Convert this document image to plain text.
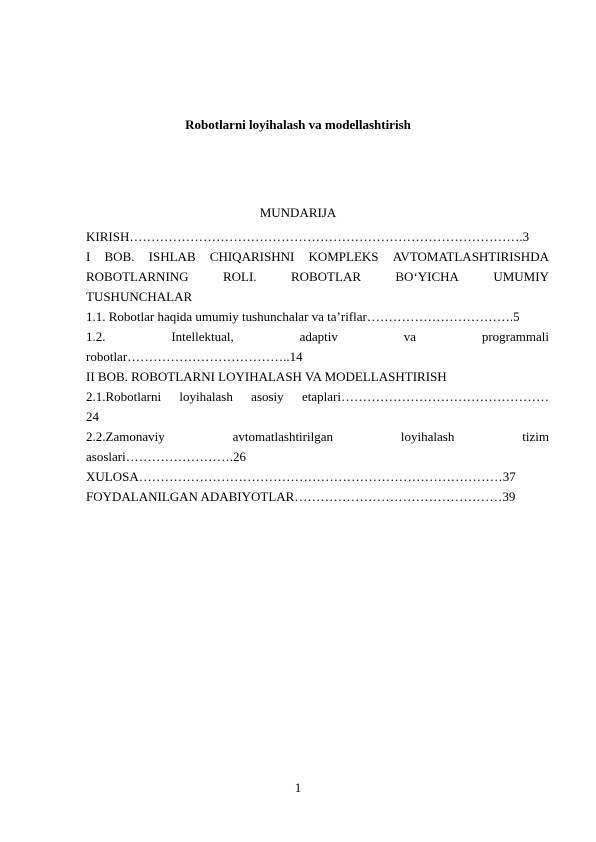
Robotlarni loyihalash va modellashtirish
MUNDARIJA
KIRISH……………………………………………………………………………….3
I BOB. ISHLAB CHIQARISHNI KOMPLEKS AVTOMATLASHTIRISHDA
ROBOTLARNING	ROLI.	ROBOTLAR	BO‘YICHA	UMUMIY
TUSHUNCHALAR
1.1. Robotlar haqida umumiy tushunchalar va ta’riflar…………………………….5
1.2.	Intellektual,	adaptiv	va	programmali
robotlar………………………………..14
II BOB. ROBOTLARNI LOYIHALASH VA MODELLASHTIRISH
2.1.Robotlarni loyihalash asosiy etaplari…………………………………………
24
2.2.Zamonaviy	avtomatlashtirilgan	loyihalash	tizim
asoslari…………………….26
XULOSA…………………………………………………………………………37
FOYDALANILGAN ADABIYOTLAR…………………………………………39
1
